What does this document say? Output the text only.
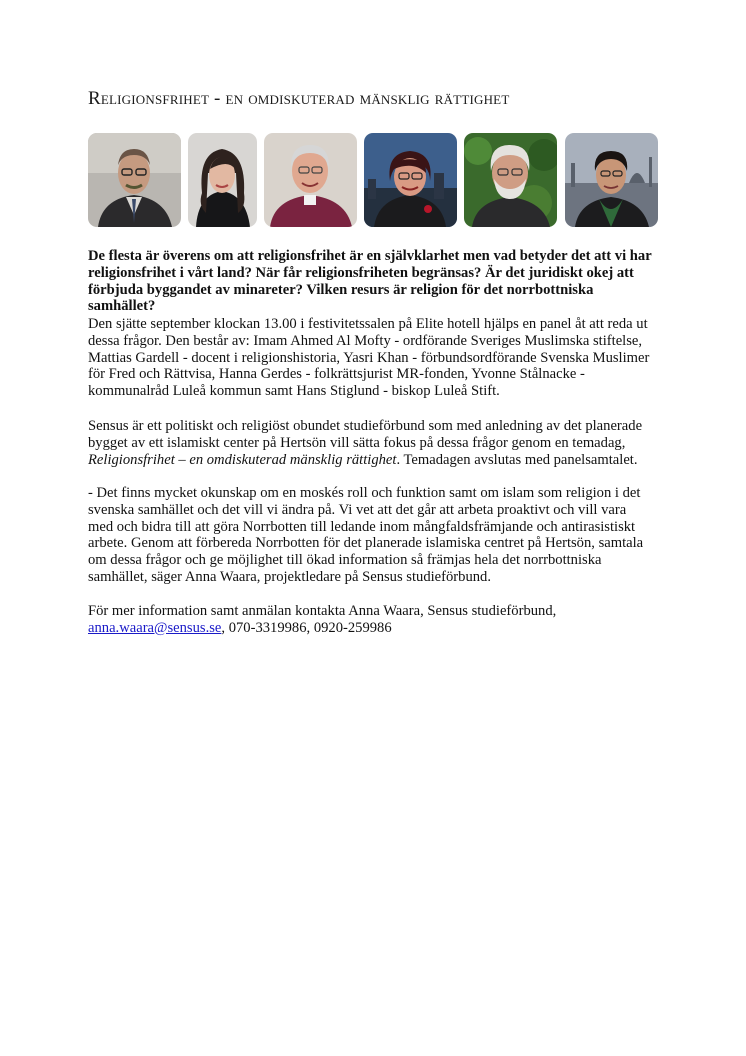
Religionsfrihet - en omdiskuterad mänsklig rättighet

De flesta är överens om att religionsfrihet är en självklarhet men vad betyder det att vi har religionsfrihet i vårt land? När får religionsfriheten begränsas? Är det juridiskt okej att förbjuda byggandet av minareter? Vilken resurs är religion för det norrbottniska samhället?

Den sjätte september klockan 13.00 i festivitetssalen på Elite hotell hjälps en panel åt att reda ut dessa frågor. Den består av: Imam Ahmed Al Mofty - ordförande Sveriges Muslimska stiftelse, Mattias Gardell - docent i religionshistoria, Yasri Khan - förbundsordförande Svenska Muslimer för Fred och Rättvisa, Hanna Gerdes - folkrättsjurist MR-fonden, Yvonne Stålnacke - kommunalråd Luleå kommun samt Hans Stiglund - biskop Luleå Stift.

Sensus är ett politiskt och religiöst obundet studieförbund som med anledning av det planerade bygget av ett islamiskt center på Hertsön vill sätta fokus på dessa frågor genom en temadag, Religionsfrihet – en omdiskuterad mänsklig rättighet. Temadagen avslutas med panelsamtalet.

- Det finns mycket okunskap om en moskés roll och funktion samt om islam som religion i det svenska samhället och det vill vi ändra på. Vi vet att det går att arbeta proaktivt och vill vara med och bidra till att göra Norrbotten till ledande inom mångfaldsfrämjande och antirasistiskt arbete. Genom att förbereda Norrbotten för det planerade islamiska centret på Hertsön, samtala om dessa frågor och ge möjlighet till ökad information så främjas hela det norrbottniska samhället, säger Anna Waara, projektledare på Sensus studieförbund.

För mer information samt anmälan kontakta Anna Waara, Sensus studieförbund, anna.waara@sensus.se, 070-3319986, 0920-259986
